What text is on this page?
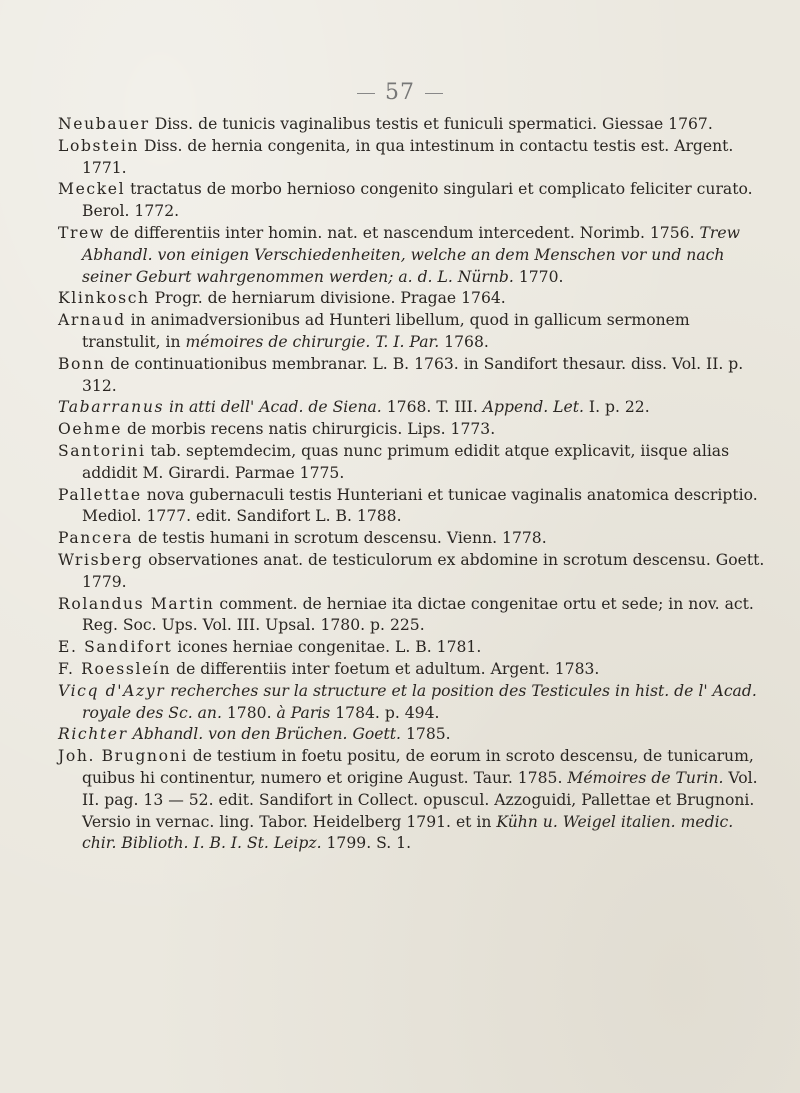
57

Neubauer Diss. de tunicis vaginalibus testis et funiculi spermatici. Giessae 1767.

Lobstein Diss. de hernia congenita, in qua intestinum in contactu testis est. Argent. 1771.

Meckel tractatus de morbo hernioso congenito singulari et complicato feliciter curato. Berol. 1772.

Trew de differentiis inter homin. nat. et nascendum intercedent. Norimb. 1756. Trew Abhandl. von einigen Verschiedenheiten, welche an dem Menschen vor und nach seiner Geburt wahrgenommen werden; a. d. L. Nürnb. 1770.

Klinkosch Progr. de herniarum divisione. Pragae 1764.

Arnaud in animadversionibus ad Hunteri libellum, quod in gallicum sermonem transtulit, in mémoires de chirurgie. T. I. Par. 1768.

Bonn de continuationibus membranar. L. B. 1763. in Sandifort thesaur. diss. Vol. II. p. 312.

Tabarranus in atti dell' Acad. de Siena. 1768. T. III. Append. Let. I. p. 22.

Oehme de morbis recens natis chirurgicis. Lips. 1773.

Santorini tab. septemdecim, quas nunc primum edidit atque explicavit, iisque alias addidit M. Girardi. Parmae 1775.

Pallettae nova gubernaculi testis Hunteriani et tunicae vaginalis anatomica descriptio. Mediol. 1777. edit. Sandifort L. B. 1788.

Pancera de testis humani in scrotum descensu. Vienn. 1778.

Wrisberg observationes anat. de testiculorum ex abdomine in scrotum descensu. Goett. 1779.

Rolandus Martin comment. de herniae ita dictae congenitae ortu et sede; in nov. act. Reg. Soc. Ups. Vol. III. Upsal. 1780. p. 225.

E. Sandifort icones herniae congenitae. L. B. 1781.

F. Roessleín de differentiis inter foetum et adultum. Argent. 1783.

Vicq d'Azyr recherches sur la structure et la position des Testicules in hist. de l' Acad. royale des Sc. an. 1780. à Paris 1784. p. 494.

Richter Abhandl. von den Brüchen. Goett. 1785.

Joh. Brugnoni de testium in foetu positu, de eorum in scroto descensu, de tunicarum, quibus hi continentur, numero et origine August. Taur. 1785. Mémoires de Turin. Vol. II. pag. 13 — 52. edit. Sandifort in Collect. opuscul. Azzoguidi, Pallettae et Brugnoni. Versio in vernac. ling. Tabor. Heidelberg 1791. et in Kühn u. Weigel italien. medic. chir. Biblioth. I. B. I. St. Leipz. 1799. S. 1.
